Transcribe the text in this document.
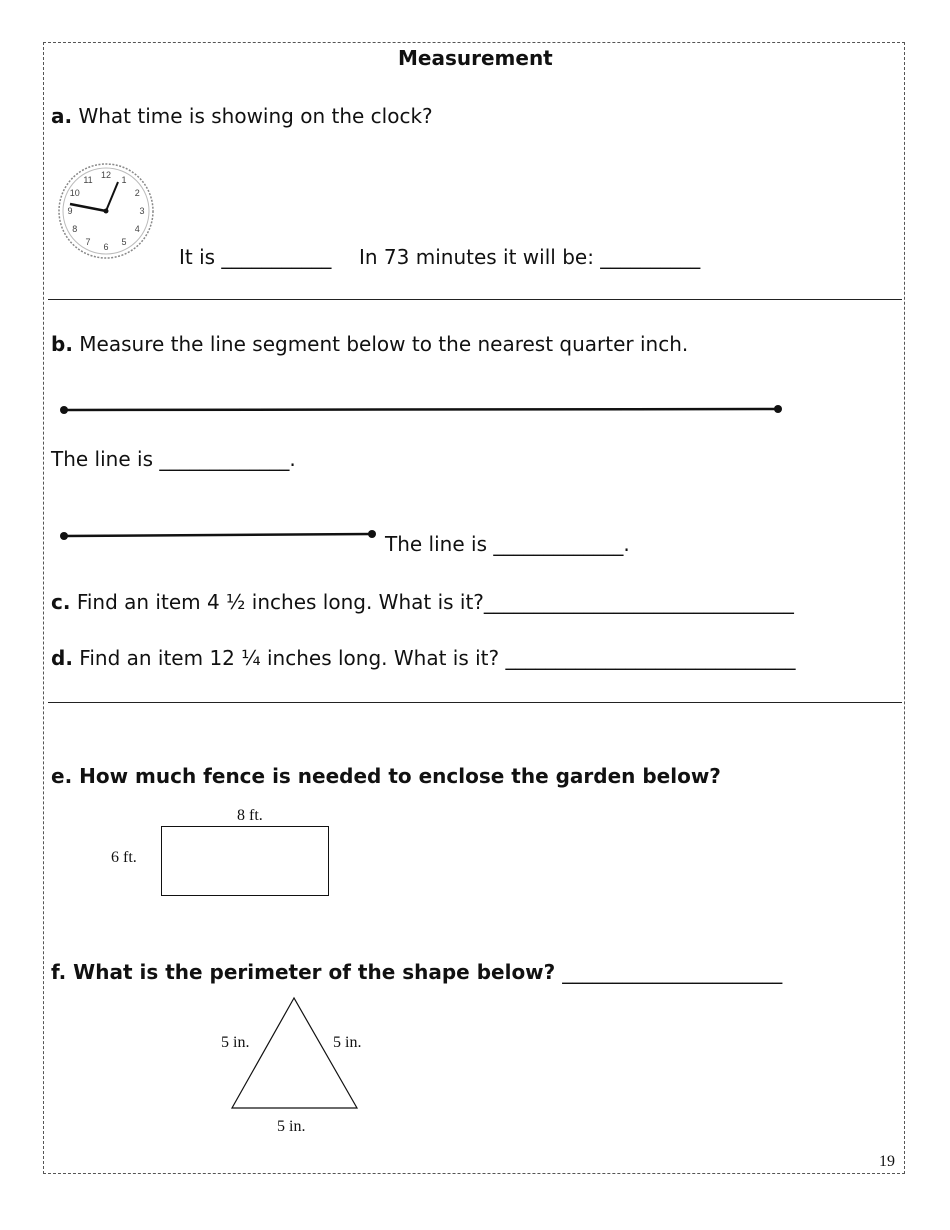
Measurement
a. What time is showing on the clock?
12 1
2
3
4
5
6
7
8
9
10
11
It is ___________ In 73 minutes it will be: __________
b. Measure the line segment below to the nearest quarter inch.
The line is _____________.
The line is _____________.
c. Find an item 4 ½ inches long. What is it?_______________________________
d. Find an item 12 ¼ inches long. What is it? _____________________________
e. How much fence is needed to enclose the garden below?
8 ft.
6 ft.
f. What is the perimeter of the shape below? ______________________
5 in.	5 in.
5 in.
19
